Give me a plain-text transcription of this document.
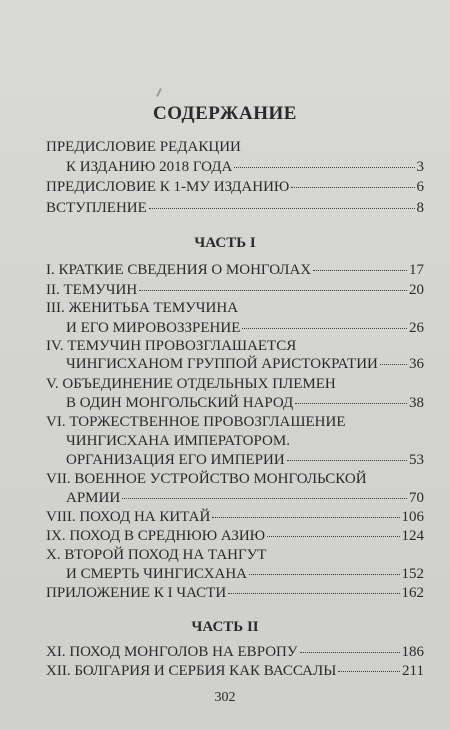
СОДЕРЖАНИЕ
ПРЕДИСЛОВИЕ РЕДАКЦИИ
К ИЗДАНИЮ 2018 ГОДА	3
ПРЕДИСЛОВИЕ К 1-МУ ИЗДАНИЮ	6
ВСТУПЛЕНИЕ	8
ЧАСТЬ I
I. КРАТКИЕ СВЕДЕНИЯ О МОНГОЛАХ	17
II. ТЕМУЧИН	20
III. ЖЕНИТЬБА ТЕМУЧИНА
И ЕГО МИРОВОЗЗРЕНИЕ	26
IV. ТЕМУЧИН ПРОВОЗГЛАШАЕТСЯ
ЧИНГИСХАНОМ ГРУППОЙ АРИСТОКРАТИИ 36
V. ОБЪЕДИНЕНИЕ ОТДЕЛЬНЫХ ПЛЕМЕН
В ОДИН МОНГОЛЬСКИЙ НАРОД	38
VI. ТОРЖЕСТВЕННОЕ ПРОВОЗГЛАШЕНИЕ
ЧИНГИСХАНА ИМПЕРАТОРОМ.
ОРГАНИЗАЦИЯ ЕГО ИМПЕРИИ	53
VII. ВОЕННОЕ УСТРОЙСТВО МОНГОЛЬСКОЙ
АРМИИ	70
VIII. ПОХОД НА КИТАЙ	106
IX. ПОХОД В СРЕДНЮЮ АЗИЮ	124
X. ВТОРОЙ ПОХОД НА ТАНГУТ
И СМЕРТЬ ЧИНГИСХАНА	152
ПРИЛОЖЕНИЕ К I ЧАСТИ	162
ЧАСТЬ II
XI. ПОХОД МОНГОЛОВ НА ЕВРОПУ	186
XII. БОЛГАРИЯ И СЕРБИЯ КАК ВАССАЛЫ	211
302
